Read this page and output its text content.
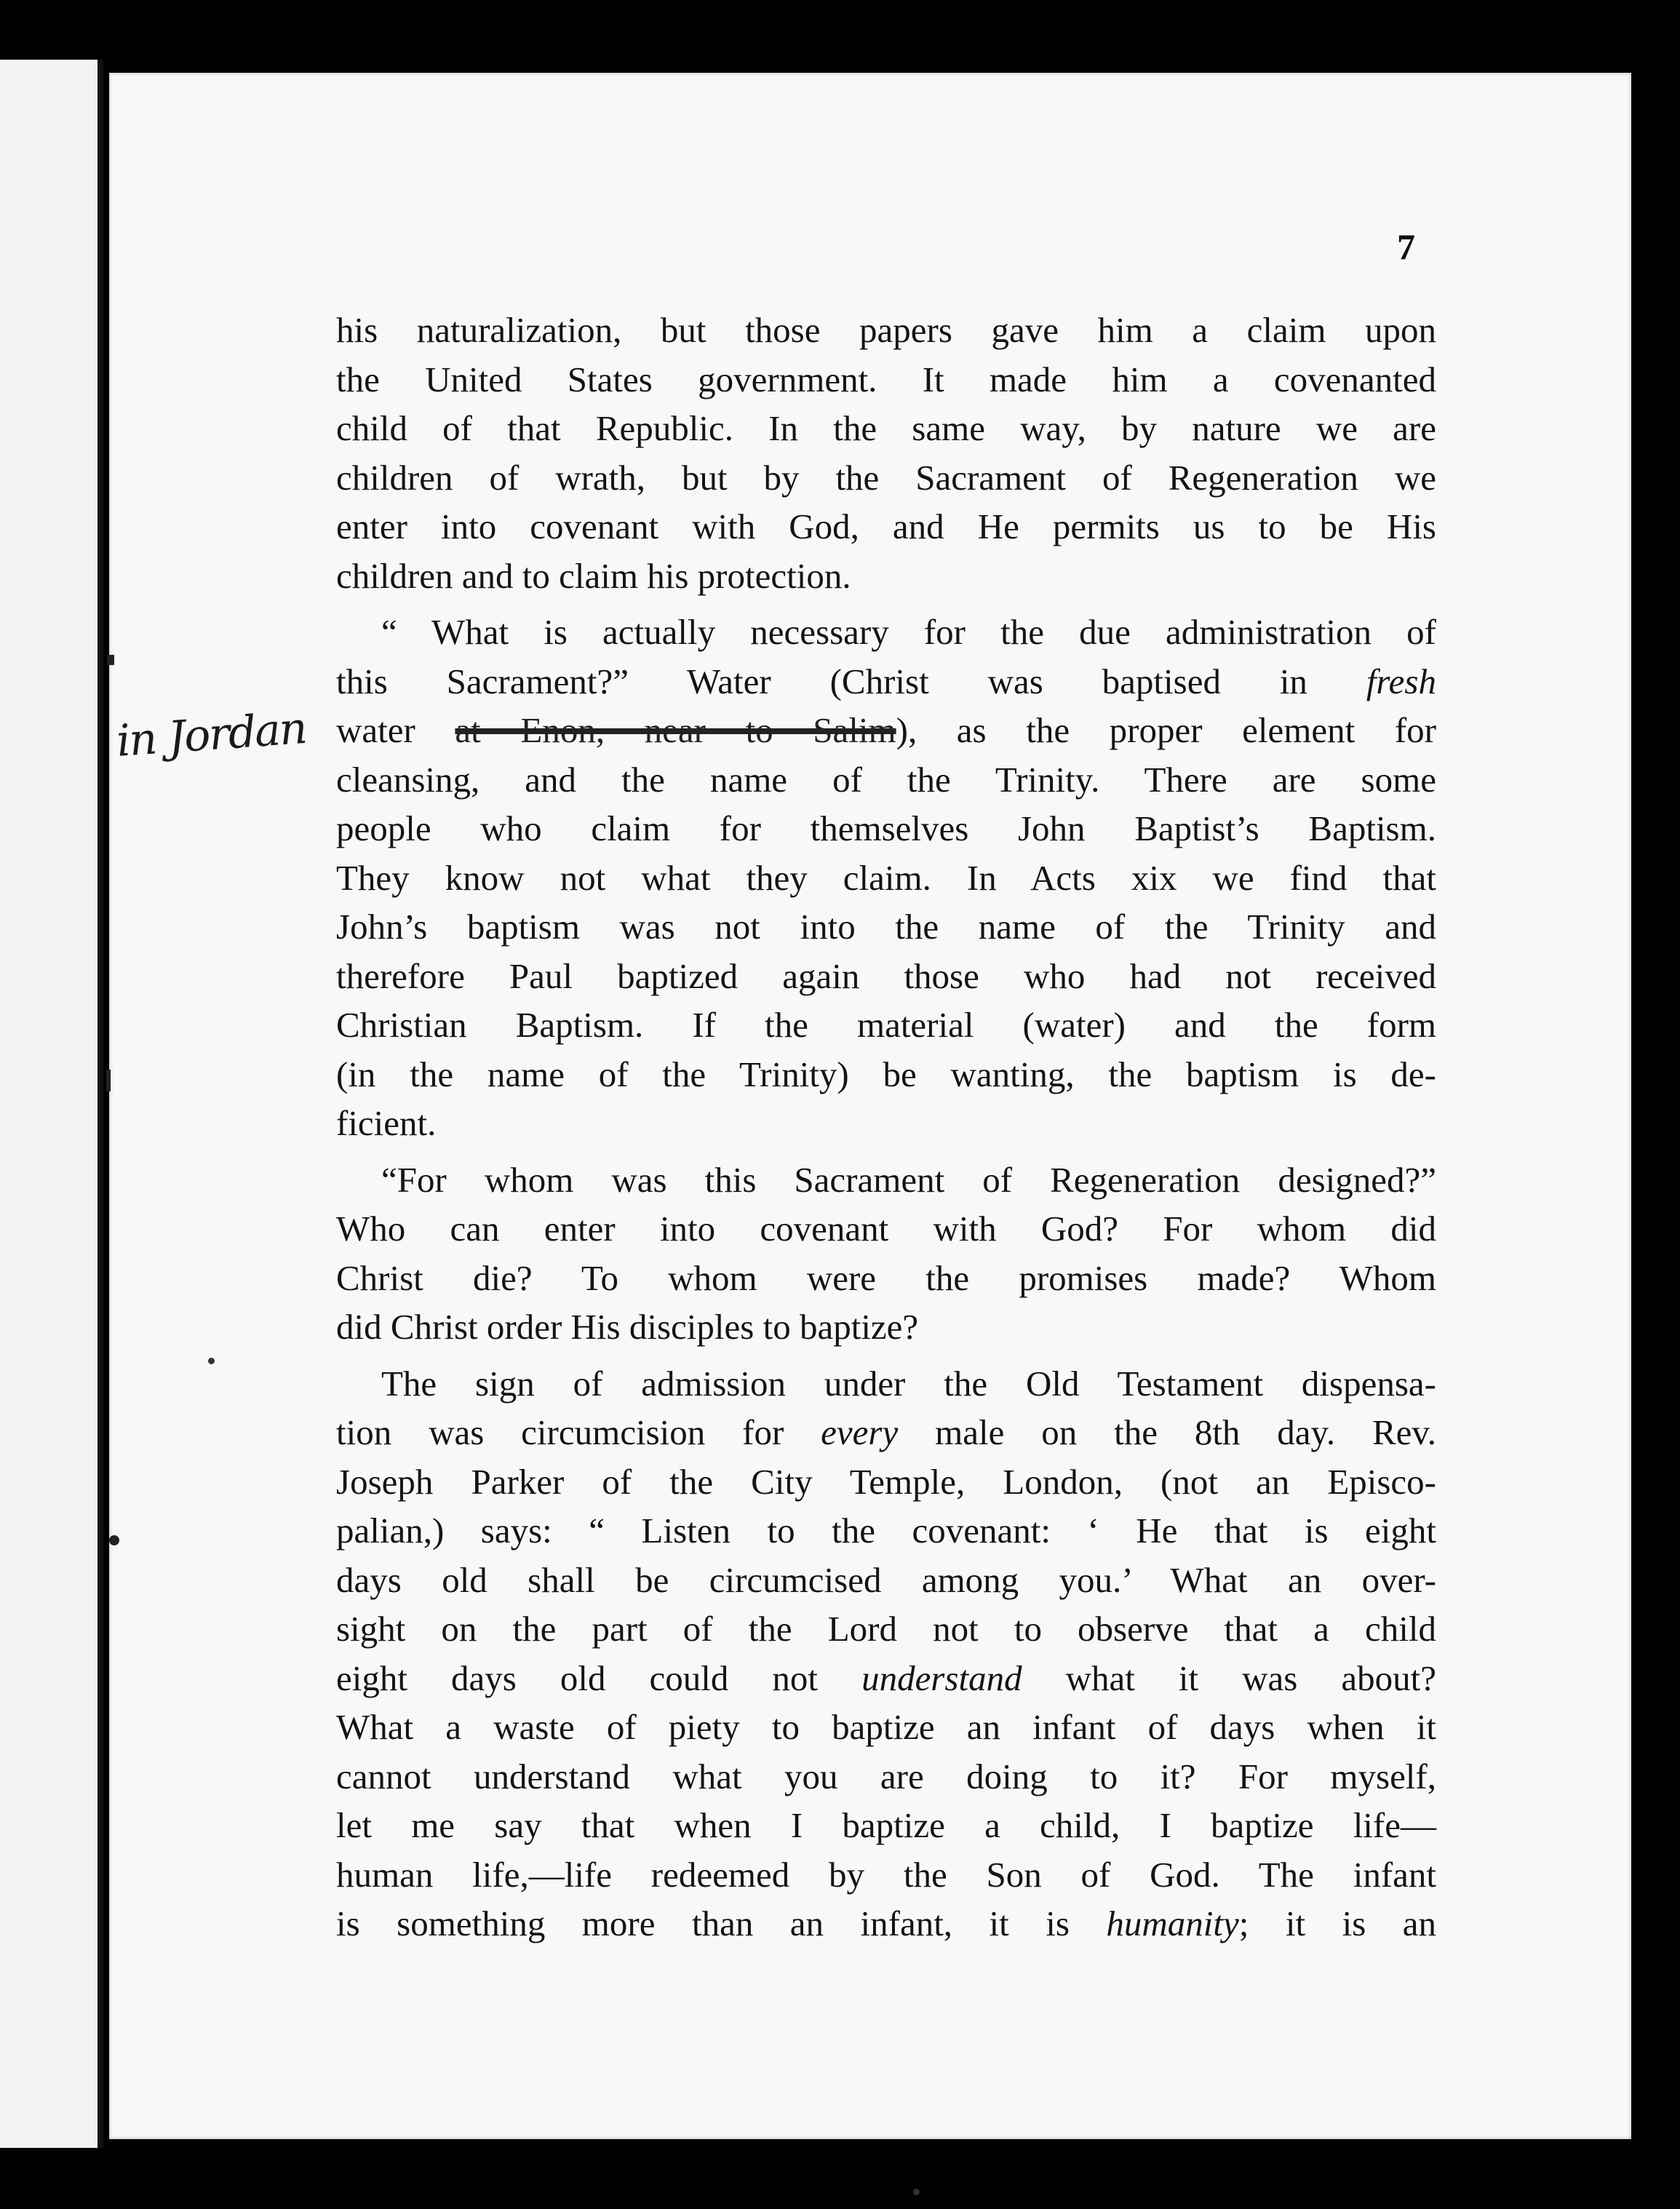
7
in Jordan

his naturalization, but those papers gave him a claim upon
the United States government. It made him a covenanted
child of that Republic. In the same way, by nature we are
children of wrath, but by the Sacrament of Regeneration we
enter into covenant with God, and He permits us to be His
children and to claim his protection.

“ What is actually necessary for the due administration of
this Sacrament?” Water (Christ was baptised in fresh
water at Enon, near to Salim), as the proper element for
cleansing, and the name of the Trinity. There are some
people who claim for themselves John Baptist’s Baptism.
They know not what they claim. In Acts xix we find that
John’s baptism was not into the name of the Trinity and
therefore Paul baptized again those who had not received
Christian Baptism. If the material (water) and the form
(in the name of the Trinity) be wanting, the baptism is de-
ficient.

“For whom was this Sacrament of Regeneration designed?”
Who can enter into covenant with God? For whom did
Christ die? To whom were the promises made? Whom
did Christ order His disciples to baptize?

The sign of admission under the Old Testament dispensa-
tion was circumcision for every male on the 8th day. Rev.
Joseph Parker of the City Temple, London, (not an Episco-
palian,) says: “ Listen to the covenant: ‘ He that is eight
days old shall be circumcised among you.’ What an over-
sight on the part of the Lord not to observe that a child
eight days old could not understand what it was about?
What a waste of piety to baptize an infant of days when it
cannot understand what you are doing to it? For myself,
let me say that when I baptize a child, I baptize life—
human life,—life redeemed by the Son of God. The infant
is something more than an infant, it is humanity; it is an
